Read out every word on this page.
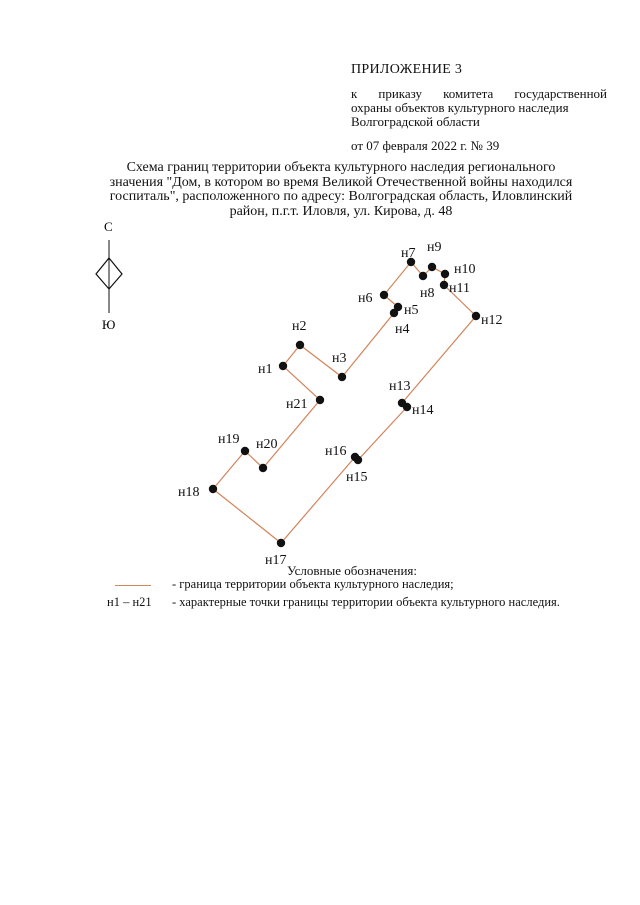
ПРИЛОЖЕНИЕ 3
к приказу комитета государственной
охраны объектов культурного наследия
Волгоградской области
от 07 февраля 2022 г. № 39
Схема границ территории объекта культурного наследия регионального
значения "Дом, в котором во время Великой Отечественной войны находился
госпиталь", расположенного по адресу: Волгоградская область, Иловлинский
район, п.г.т. Иловля, ул. Кирова, д. 48
С
Ю
н1
н2
н3
н4
н5
н6
н7
н8
н9
н10
н11
н12
н13
н14
н15
н16
н17
н18
н19 н20
н21
Условные обозначения:
- граница территории объекта культурного наследия;
н1 – н21 - характерные точки границы территории объекта культурного наследия.
